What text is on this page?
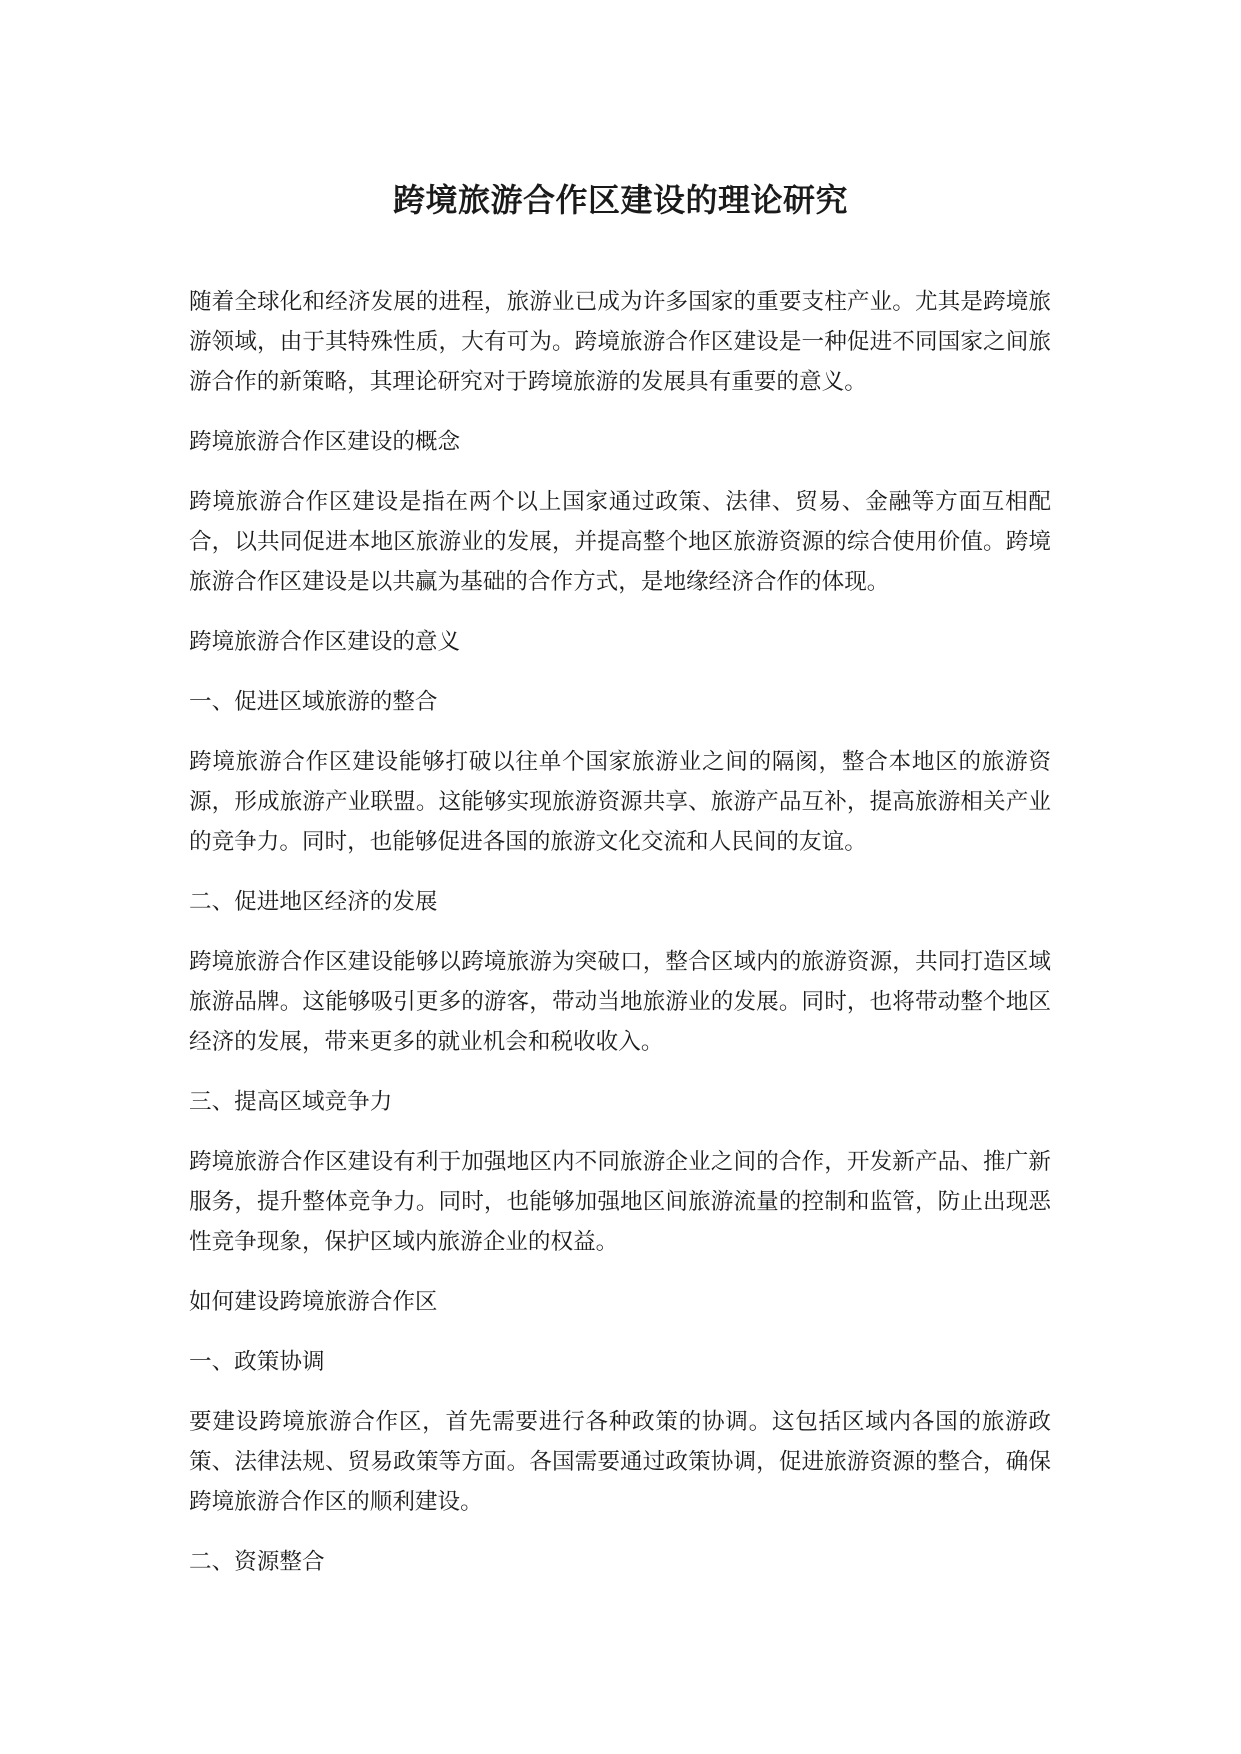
跨境旅游合作区建设的理论研究

随着全球化和经济发展的进程，旅游业已成为许多国家的重要支柱产业。尤其是跨境旅游领域，由于其特殊性质，大有可为。跨境旅游合作区建设是一种促进不同国家之间旅游合作的新策略，其理论研究对于跨境旅游的发展具有重要的意义。

跨境旅游合作区建设的概念

跨境旅游合作区建设是指在两个以上国家通过政策、法律、贸易、金融等方面互相配合，以共同促进本地区旅游业的发展，并提高整个地区旅游资源的综合使用价值。跨境旅游合作区建设是以共赢为基础的合作方式，是地缘经济合作的体现。

跨境旅游合作区建设的意义

一、促进区域旅游的整合

跨境旅游合作区建设能够打破以往单个国家旅游业之间的隔阂，整合本地区的旅游资源，形成旅游产业联盟。这能够实现旅游资源共享、旅游产品互补，提高旅游相关产业的竞争力。同时，也能够促进各国的旅游文化交流和人民间的友谊。

二、促进地区经济的发展

跨境旅游合作区建设能够以跨境旅游为突破口，整合区域内的旅游资源，共同打造区域旅游品牌。这能够吸引更多的游客，带动当地旅游业的发展。同时，也将带动整个地区经济的发展，带来更多的就业机会和税收收入。

三、提高区域竞争力

跨境旅游合作区建设有利于加强地区内不同旅游企业之间的合作，开发新产品、推广新服务，提升整体竞争力。同时，也能够加强地区间旅游流量的控制和监管，防止出现恶性竞争现象，保护区域内旅游企业的权益。

如何建设跨境旅游合作区

一、政策协调

要建设跨境旅游合作区，首先需要进行各种政策的协调。这包括区域内各国的旅游政策、法律法规、贸易政策等方面。各国需要通过政策协调，促进旅游资源的整合，确保跨境旅游合作区的顺利建设。

二、资源整合
